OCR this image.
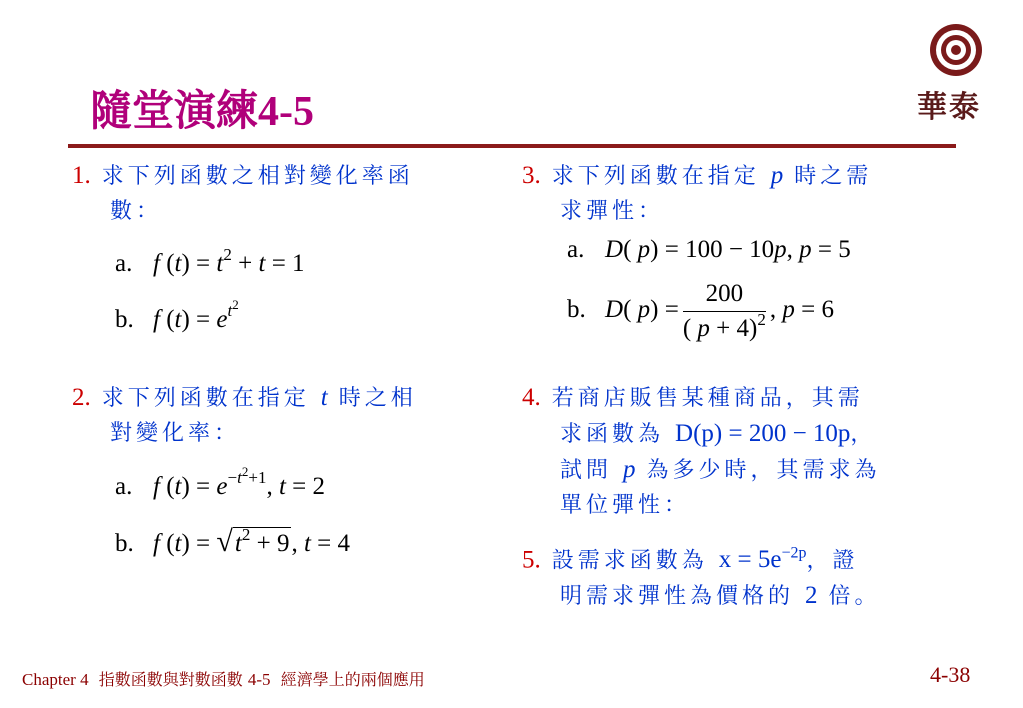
隨堂演練4-5	華泰
1. 求下列函數之相對變化率函
數：
a. f $(t) = t^2 + t = 1$
b. f $(t) = e^{t^2}$
2. 求下列函數在指定 t 時之相
對變化率：
a. f $(t) = e^{-t^2+1}$, t = 2
b. f $(t) = √t^2 + 9$, t = 4
3. 求下列函數在指定 p 時之需
求彈性：
a. D( p) = 100 − 10p, p = 5
b. D( $p) = \frac{200}{( p + 4)^2}$ , p = 6
4. 若商店販售某種商品，其需
求函數為 D(p) = 200 − 10p，
試問 p 為多少時，其需求為
單位彈性：
5. 設需求函數為 $x = 5e^{-2p}$，證
明需求彈性為價格的 2 倍。
Chapter 4 指數函數與對數函數 4-5 經濟學上的兩個應用	4-38
